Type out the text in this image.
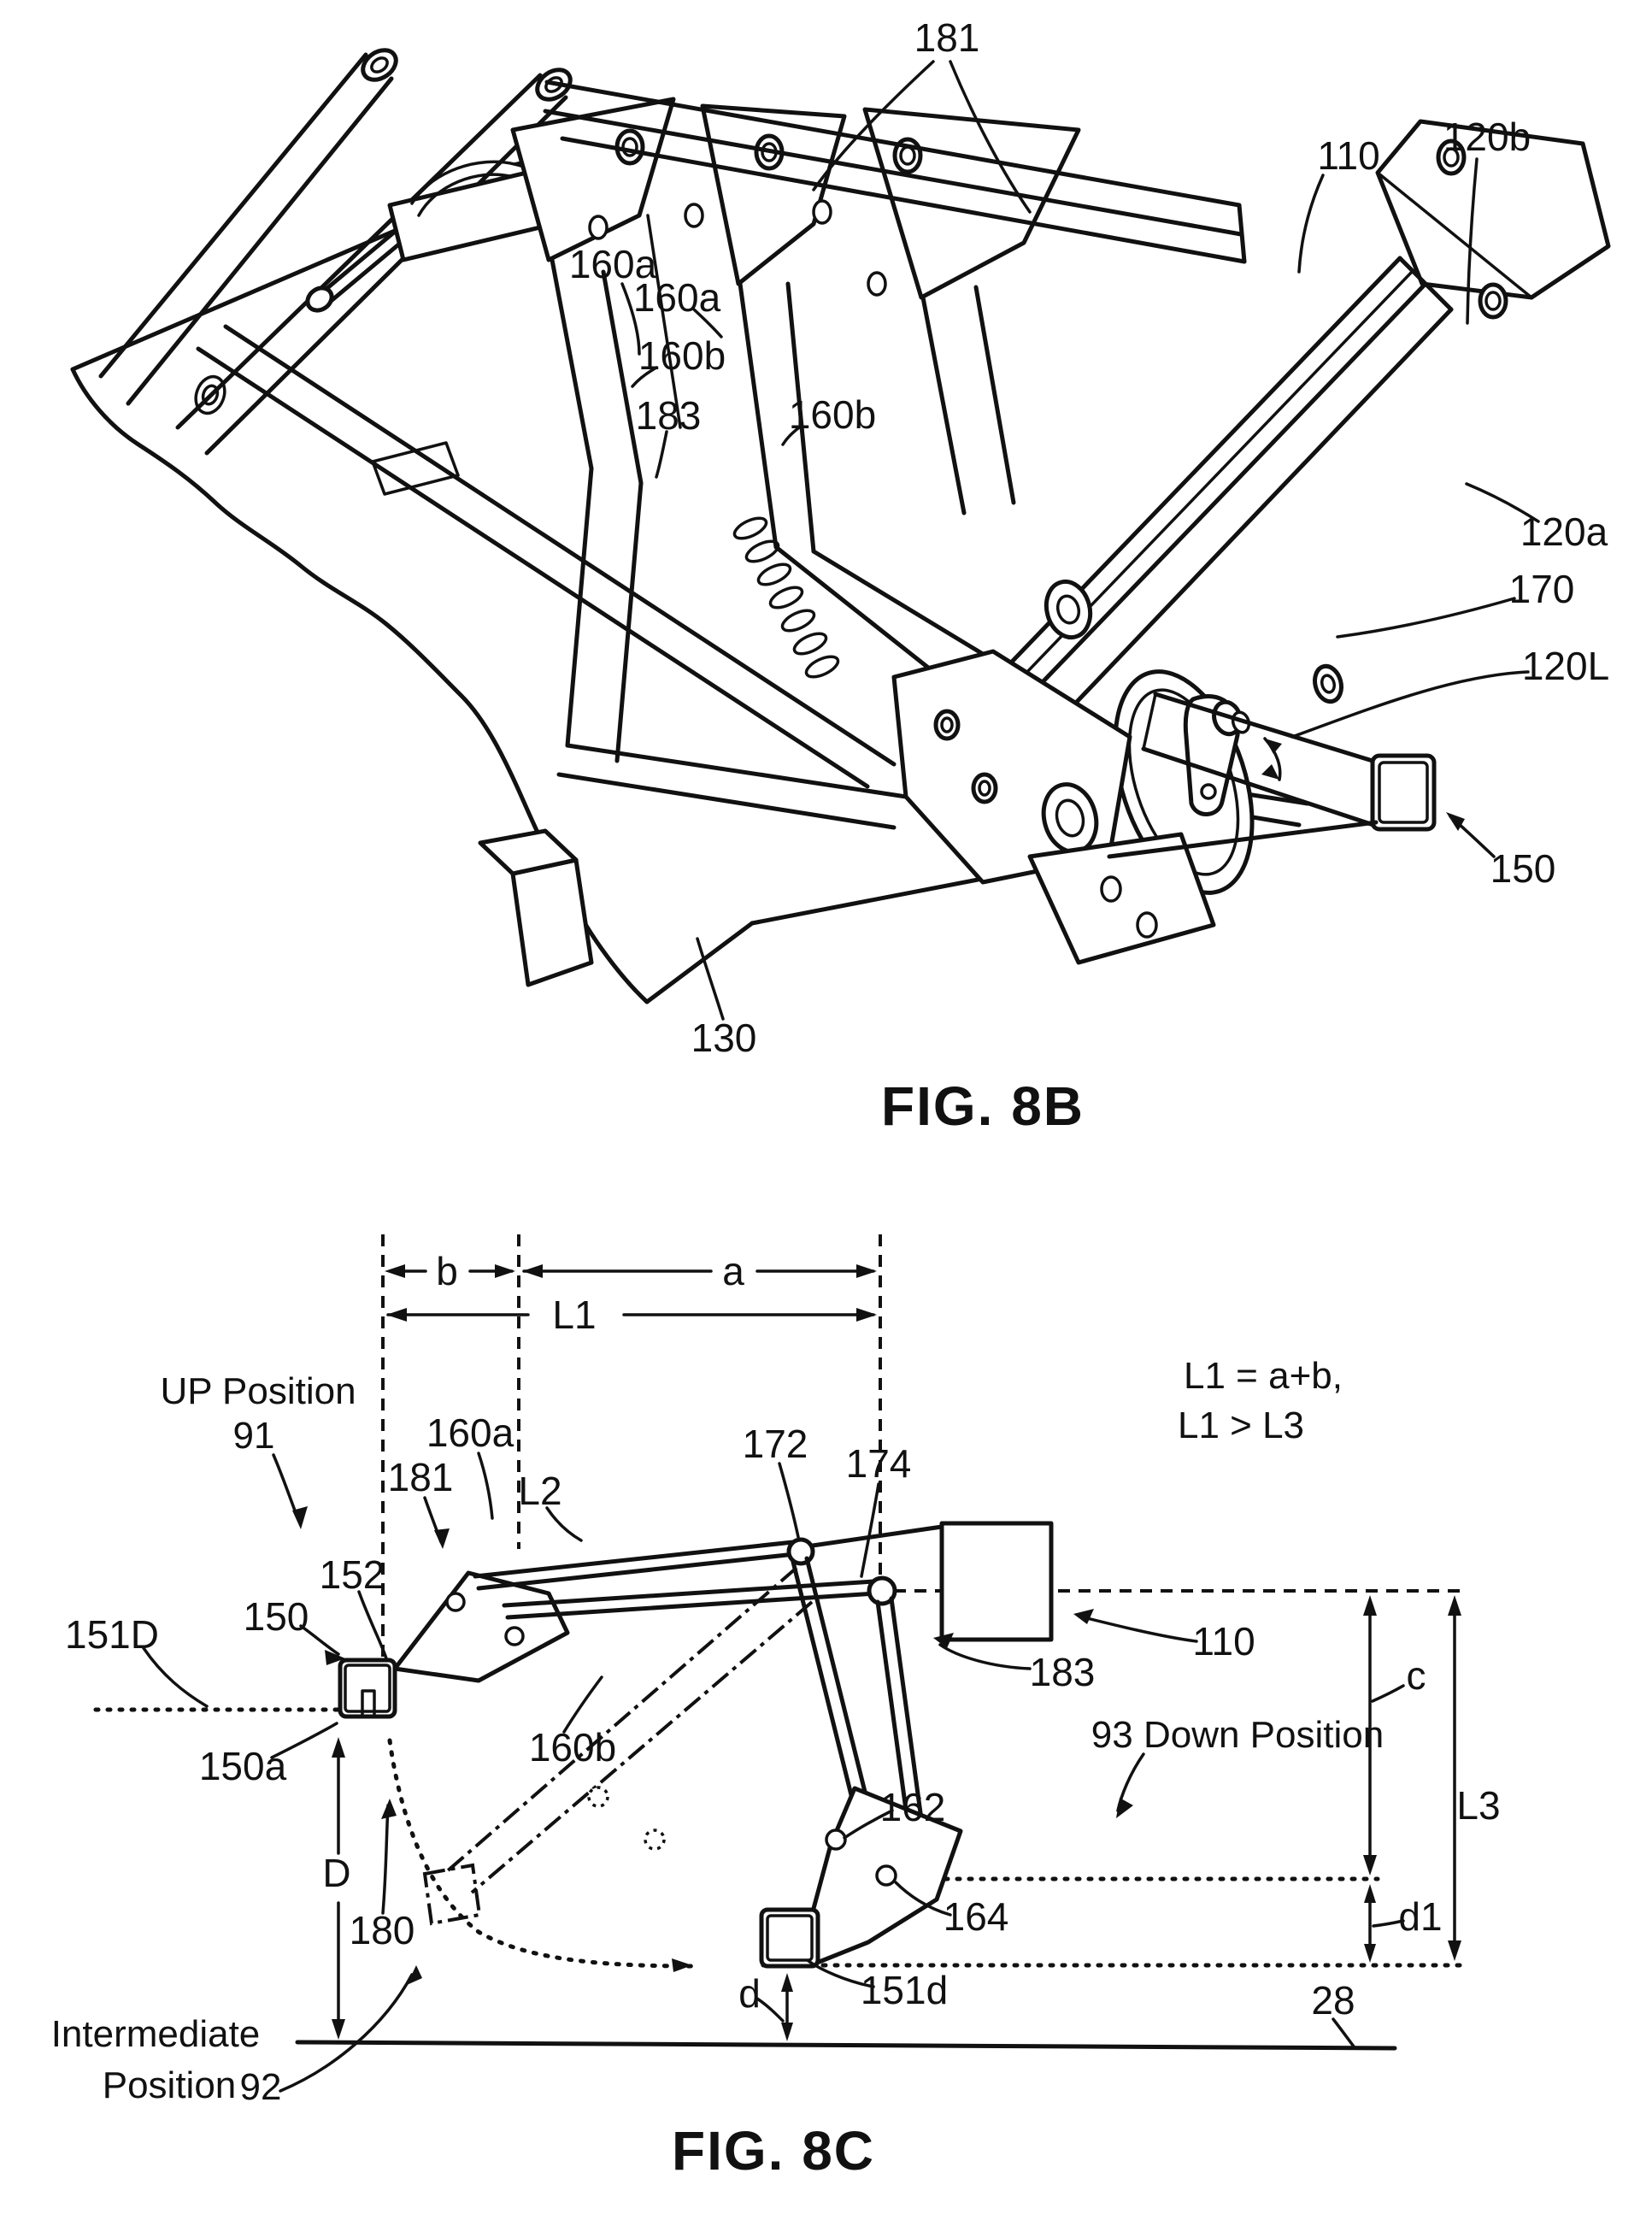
181
110 120b
160a
160a
160b
183 160b
120a
170
120L
150
130
FIG. 8B
b	a
L1
c
L3
d1
D
d
UP Position
91
L1 = a+b,
L1 > L3
93 Down Position
Intermediate
Position 92
151D
152
150
150a
181
160a
L2
160b
172 174
183
110
162
164
151d
180
28
FIG. 8C
